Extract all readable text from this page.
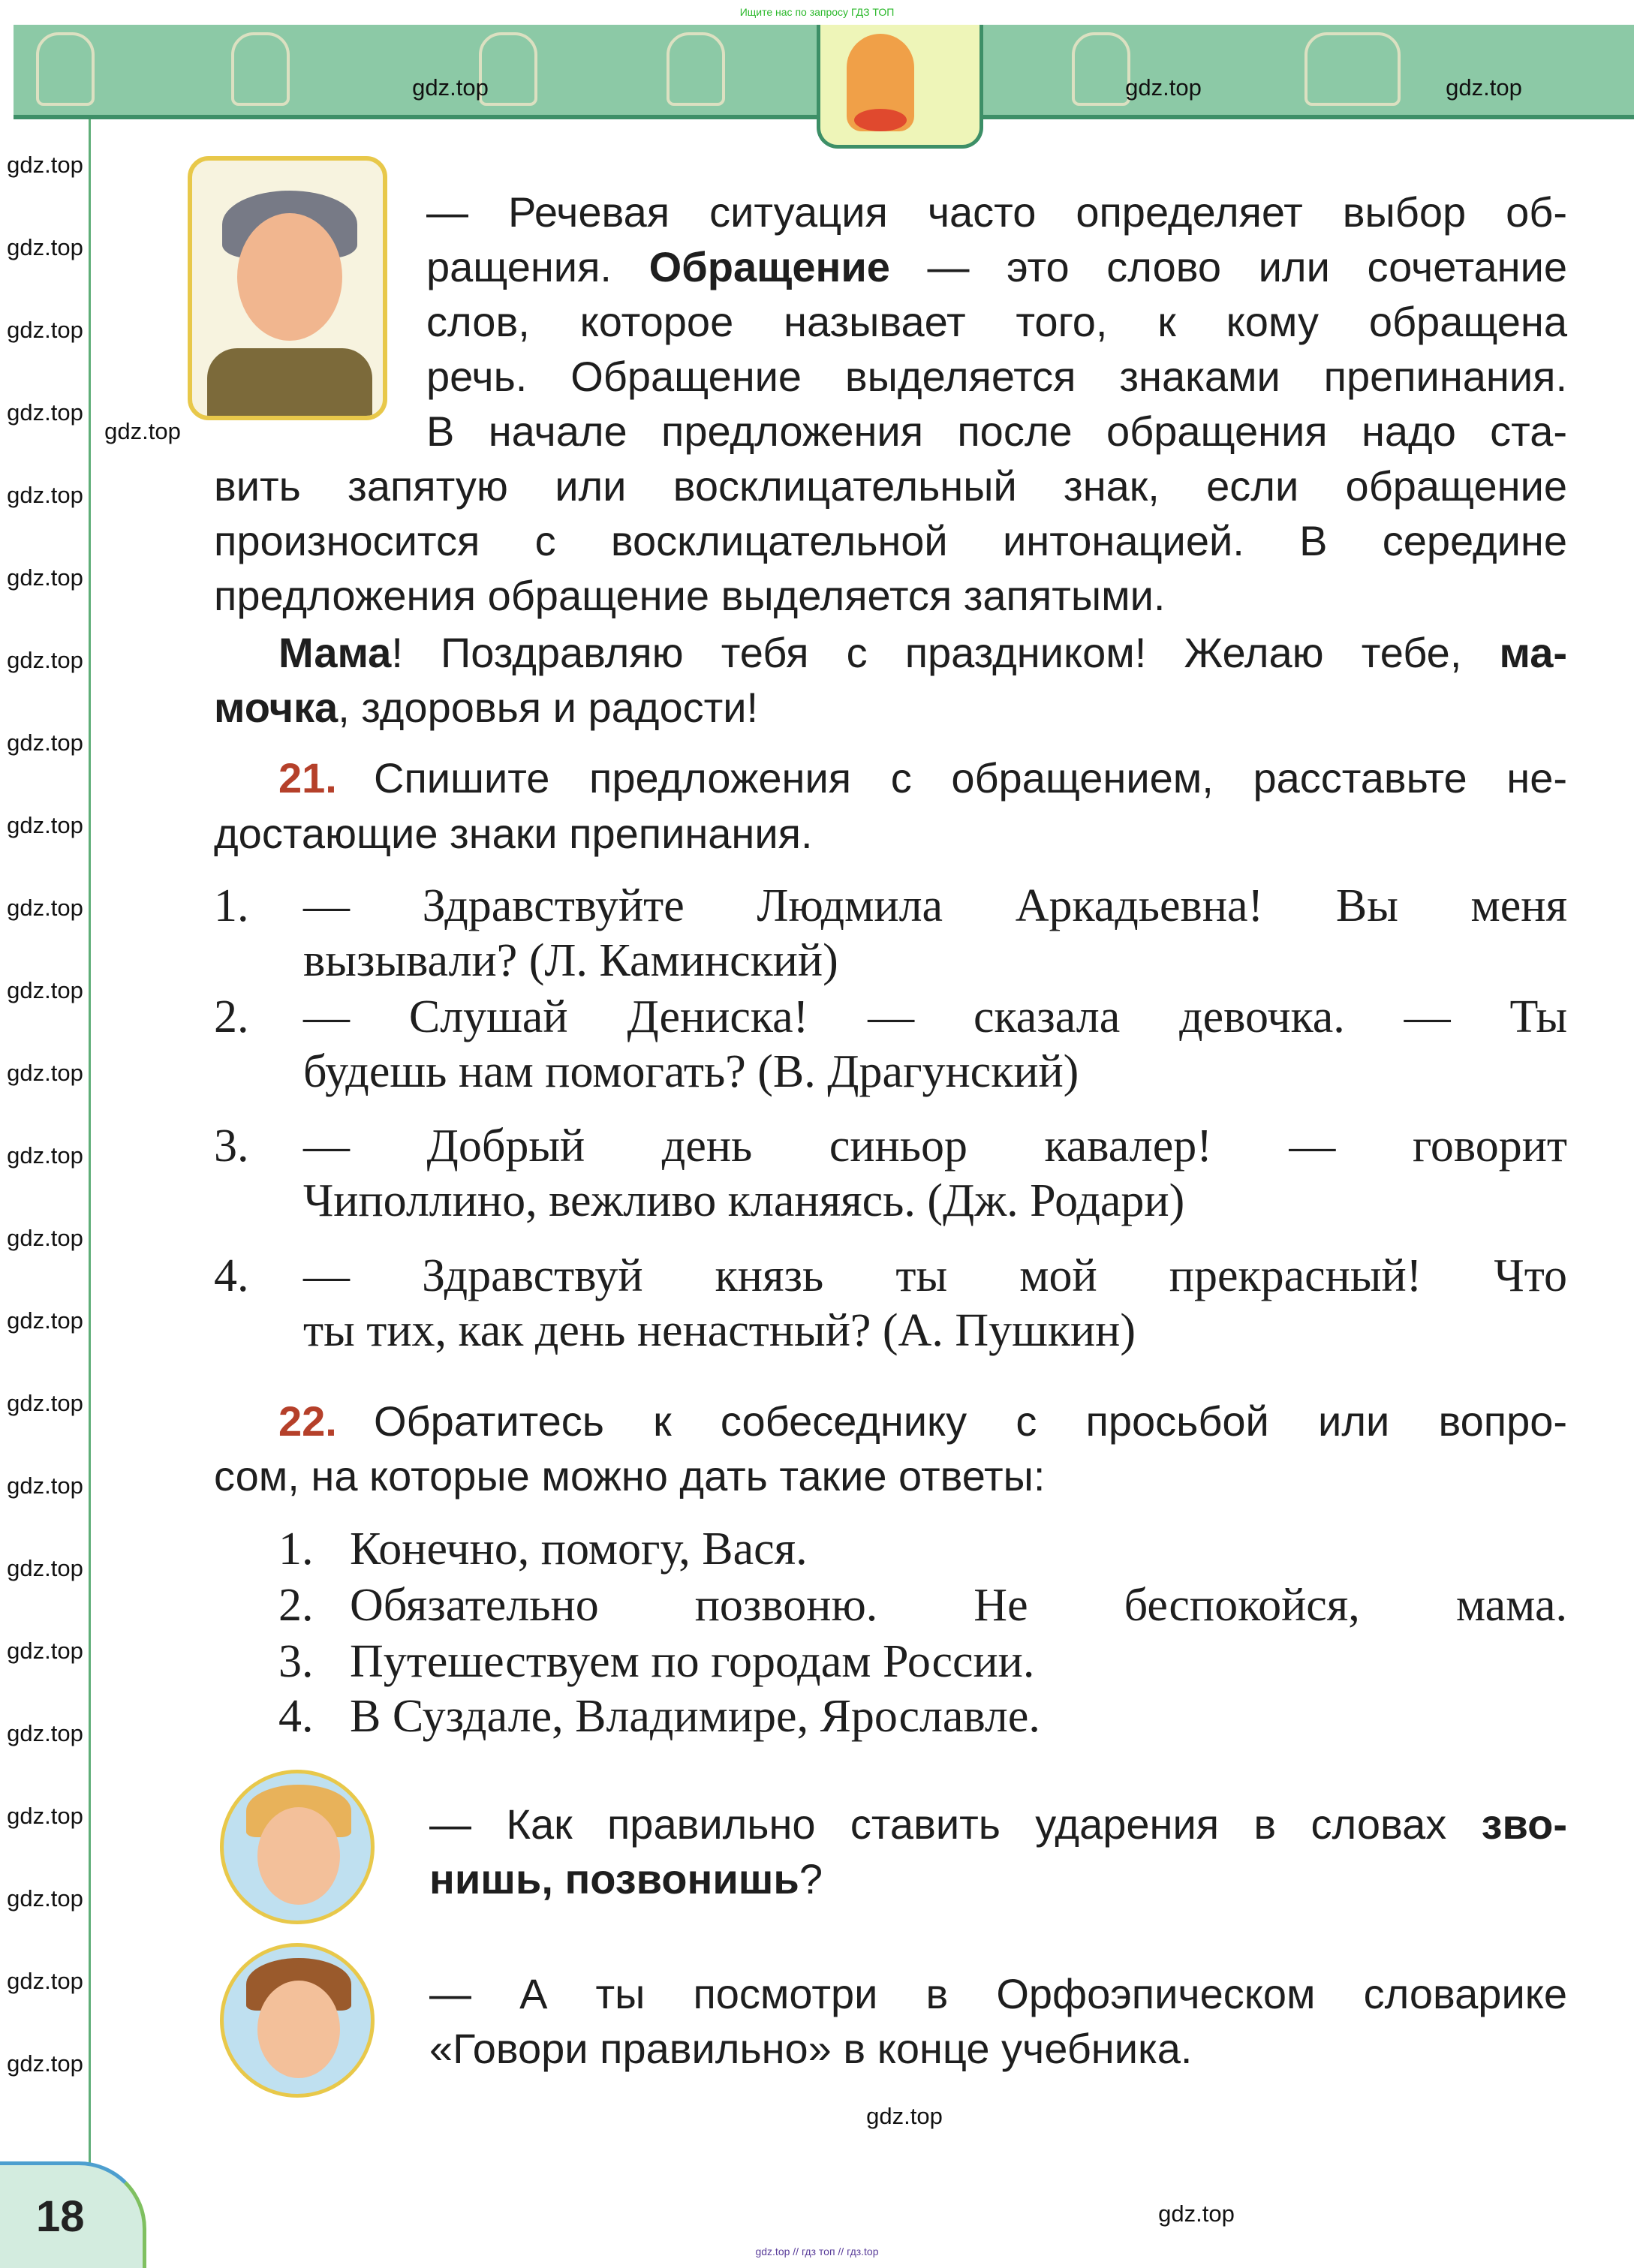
Ищите нас по запросу ГДЗ ТОП
— Речевая ситуация часто определяет выбор об-
ращения. Обращение — это слово или сочетание
слов, которое называет того, к кому обращена
речь. Обращение выделяется знаками препинания.
В начале предложения после обращения надо ста-
вить запятую или восклицательный знак, если обращение
произносится с восклицательной интонацией. В середине
предложения обращение выделяется запятыми.
Мама! Поздравляю тебя с праздником! Желаю тебе, ма-
мочка, здоровья и радости!
21. Спишите предложения с обращением, расставьте не-
достающие знаки препинания.
1. — Здравствуйте Людмила Аркадьевна! Вы меня
вызывали? (Л. Каминский)
2. — Слушай Дениска! — сказала девочка. — Ты
будешь нам помогать? (В. Драгунский)
3. — Добрый день синьор кавалер! — говорит
Чиполлино, вежливо кланяясь. (Дж. Родари)
4. — Здравствуй князь ты мой прекрасный! Что
ты тих, как день ненастный? (А. Пушкин)
22. Обратитесь к собеседнику с просьбой или вопро-
сом, на которые можно дать такие ответы:
1. Конечно, помогу, Вася.
2. Обязательно позвоню. Не беспокойся, мама.
3. Путешествуем по городам России.
4. В Суздале, Владимире, Ярославле.
— Как правильно ставить ударения в словах зво-
нишь, позвонишь?
— А ты посмотри в Орфоэпическом словарике
«Говори правильно» в конце учебника.
18
gdz.top
gdz.top
gdz.top
gdz.top
gdz.top
gdz.top
gdz.top
gdz.top
gdz.top
gdz.top
gdz.top
gdz.top
gdz.top
gdz.top
gdz.top
gdz.top
gdz.top
gdz.top
gdz.top
gdz.top
gdz.top
gdz.top
gdz.top
gdz.top
gdz.top
gdz.top
gdz.top
gdz.top
gdz.top
gdz.top
gdz.top // гдз топ // гдз.top
